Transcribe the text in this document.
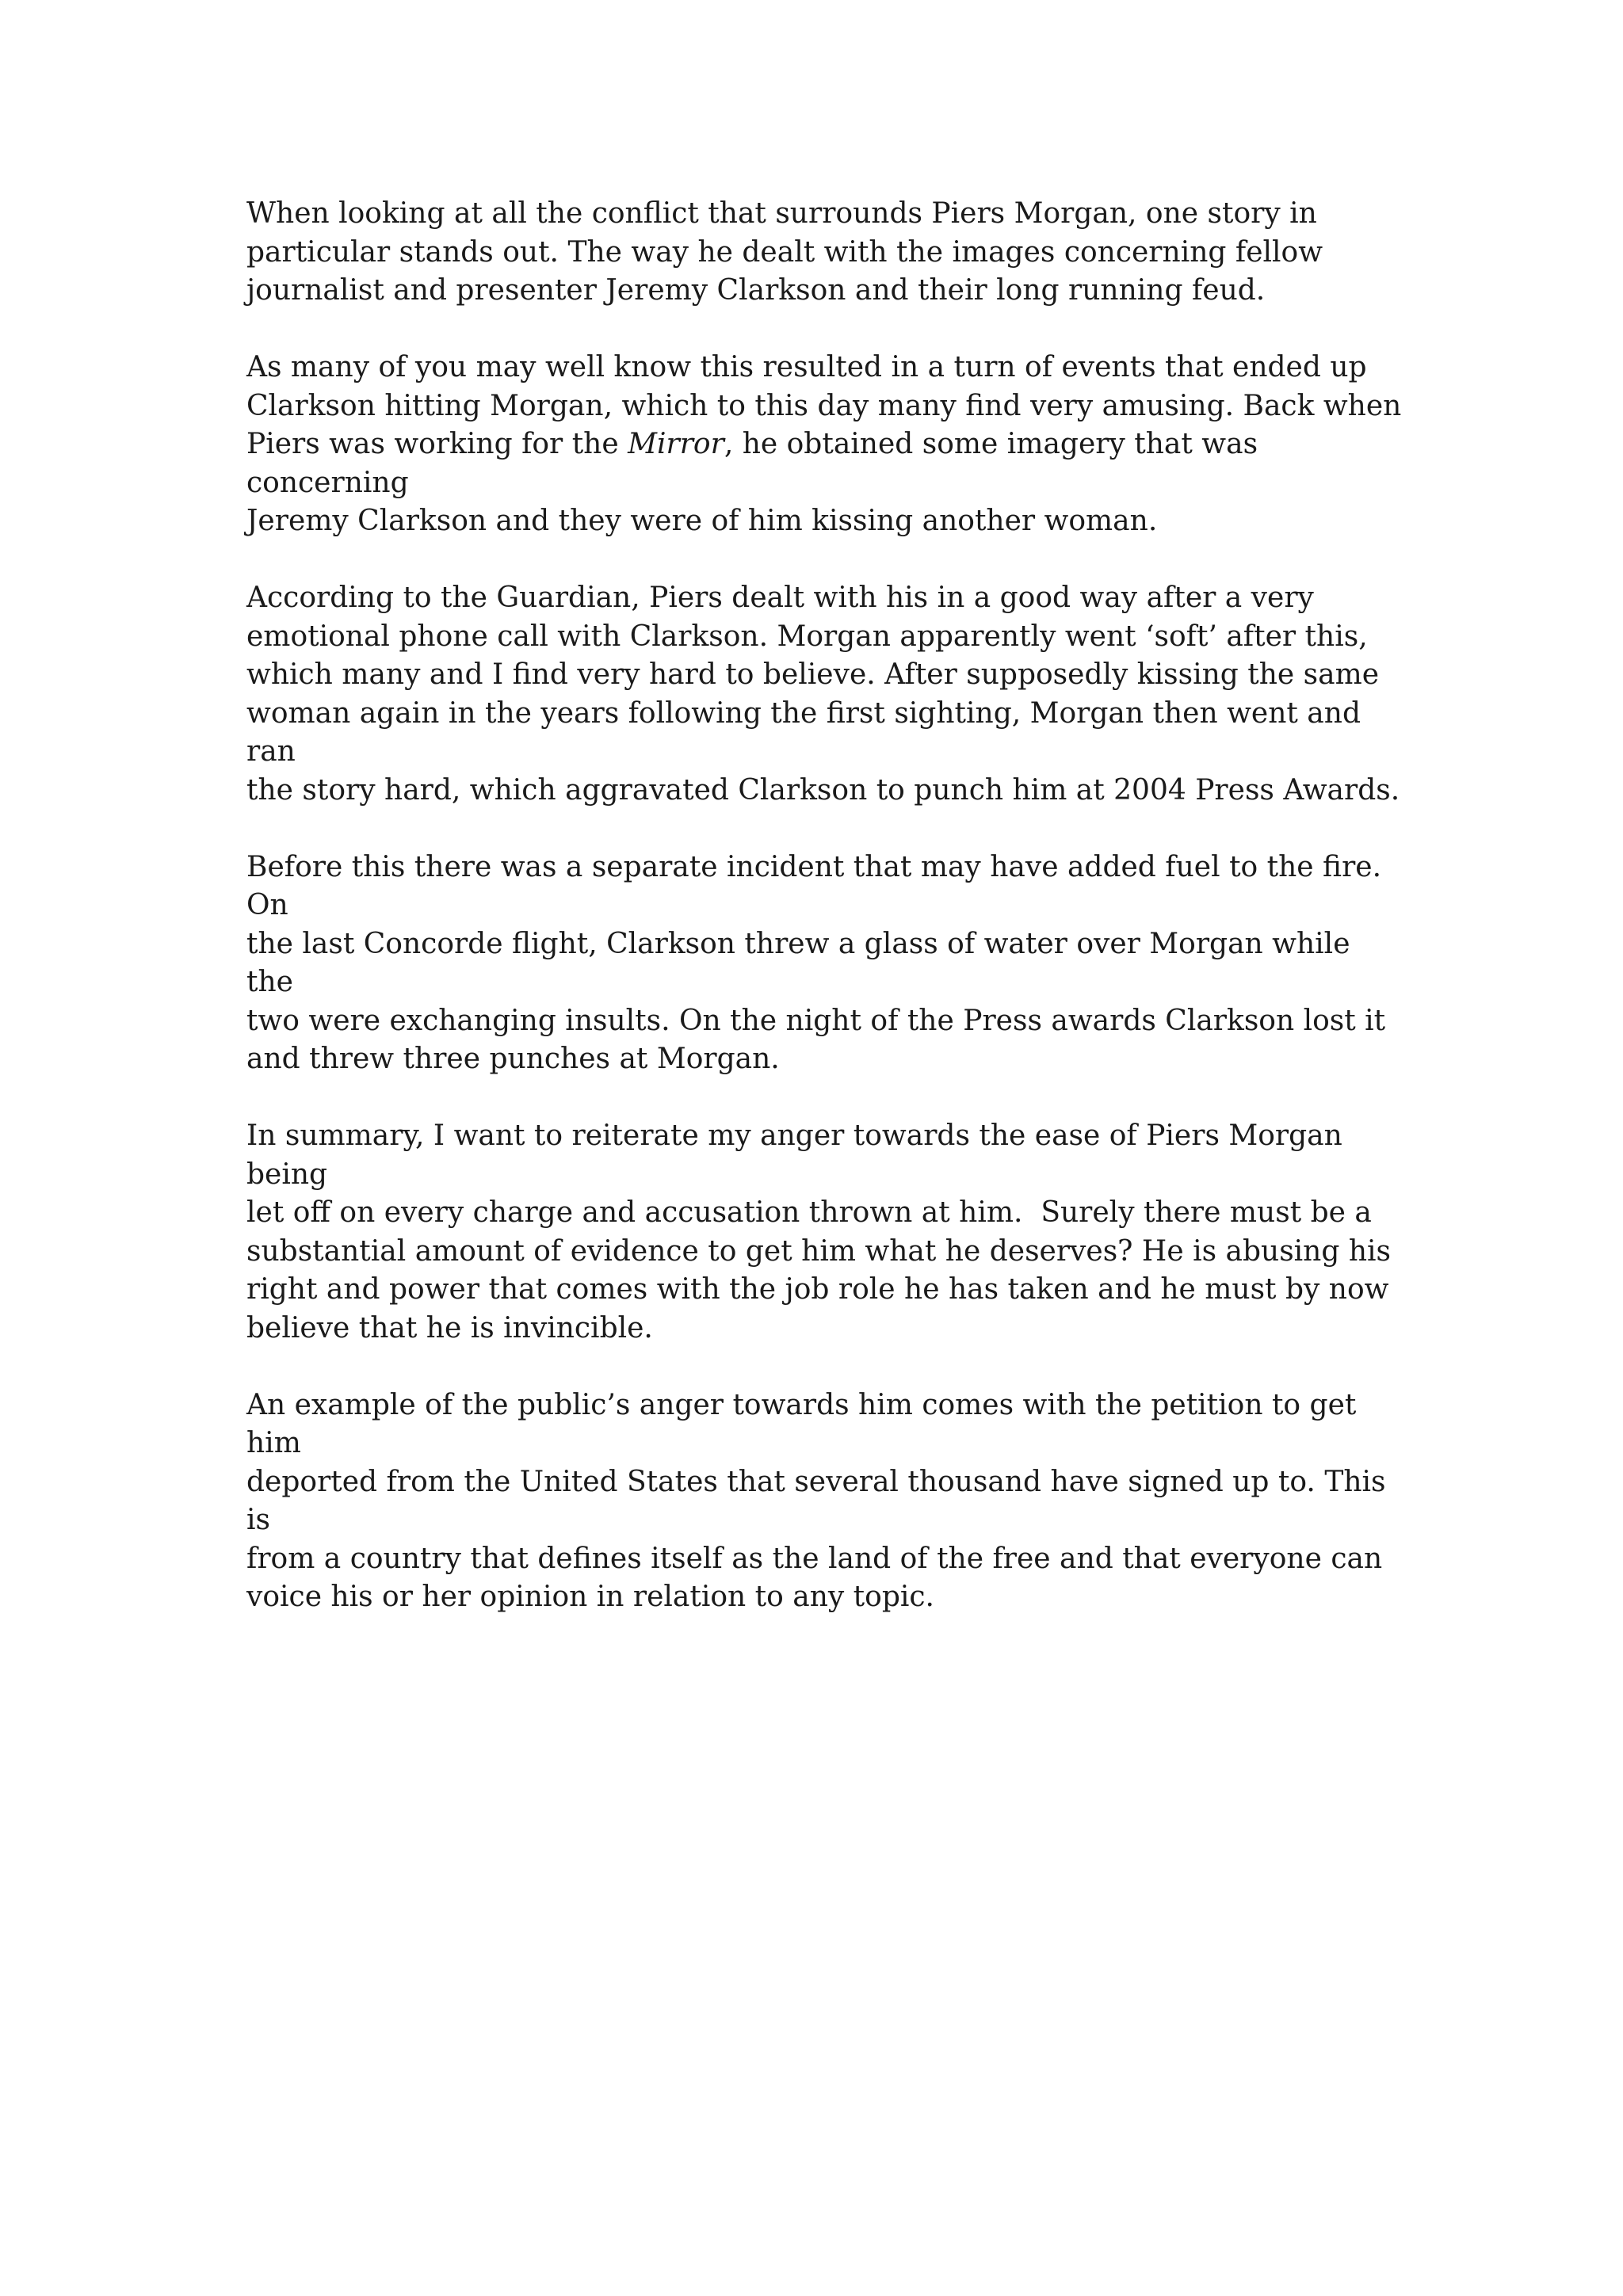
When looking at all the conflict that surrounds Piers Morgan, one story in
particular stands out. The way he dealt with the images concerning fellow
journalist and presenter Jeremy Clarkson and their long running feud.

As many of you may well know this resulted in a turn of events that ended up
Clarkson hitting Morgan, which to this day many find very amusing. Back when
Piers was working for the Mirror, he obtained some imagery that was concerning
Jeremy Clarkson and they were of him kissing another woman.

According to the Guardian, Piers dealt with his in a good way after a very
emotional phone call with Clarkson. Morgan apparently went ‘soft’ after this,
which many and I find very hard to believe. After supposedly kissing the same
woman again in the years following the first sighting, Morgan then went and ran
the story hard, which aggravated Clarkson to punch him at 2004 Press Awards.

Before this there was a separate incident that may have added fuel to the fire. On
the last Concorde flight, Clarkson threw a glass of water over Morgan while the
two were exchanging insults. On the night of the Press awards Clarkson lost it
and threw three punches at Morgan.

In summary, I want to reiterate my anger towards the ease of Piers Morgan being
let off on every charge and accusation thrown at him.  Surely there must be a
substantial amount of evidence to get him what he deserves? He is abusing his
right and power that comes with the job role he has taken and he must by now
believe that he is invincible.

An example of the public’s anger towards him comes with the petition to get him
deported from the United States that several thousand have signed up to. This is
from a country that defines itself as the land of the free and that everyone can
voice his or her opinion in relation to any topic.
